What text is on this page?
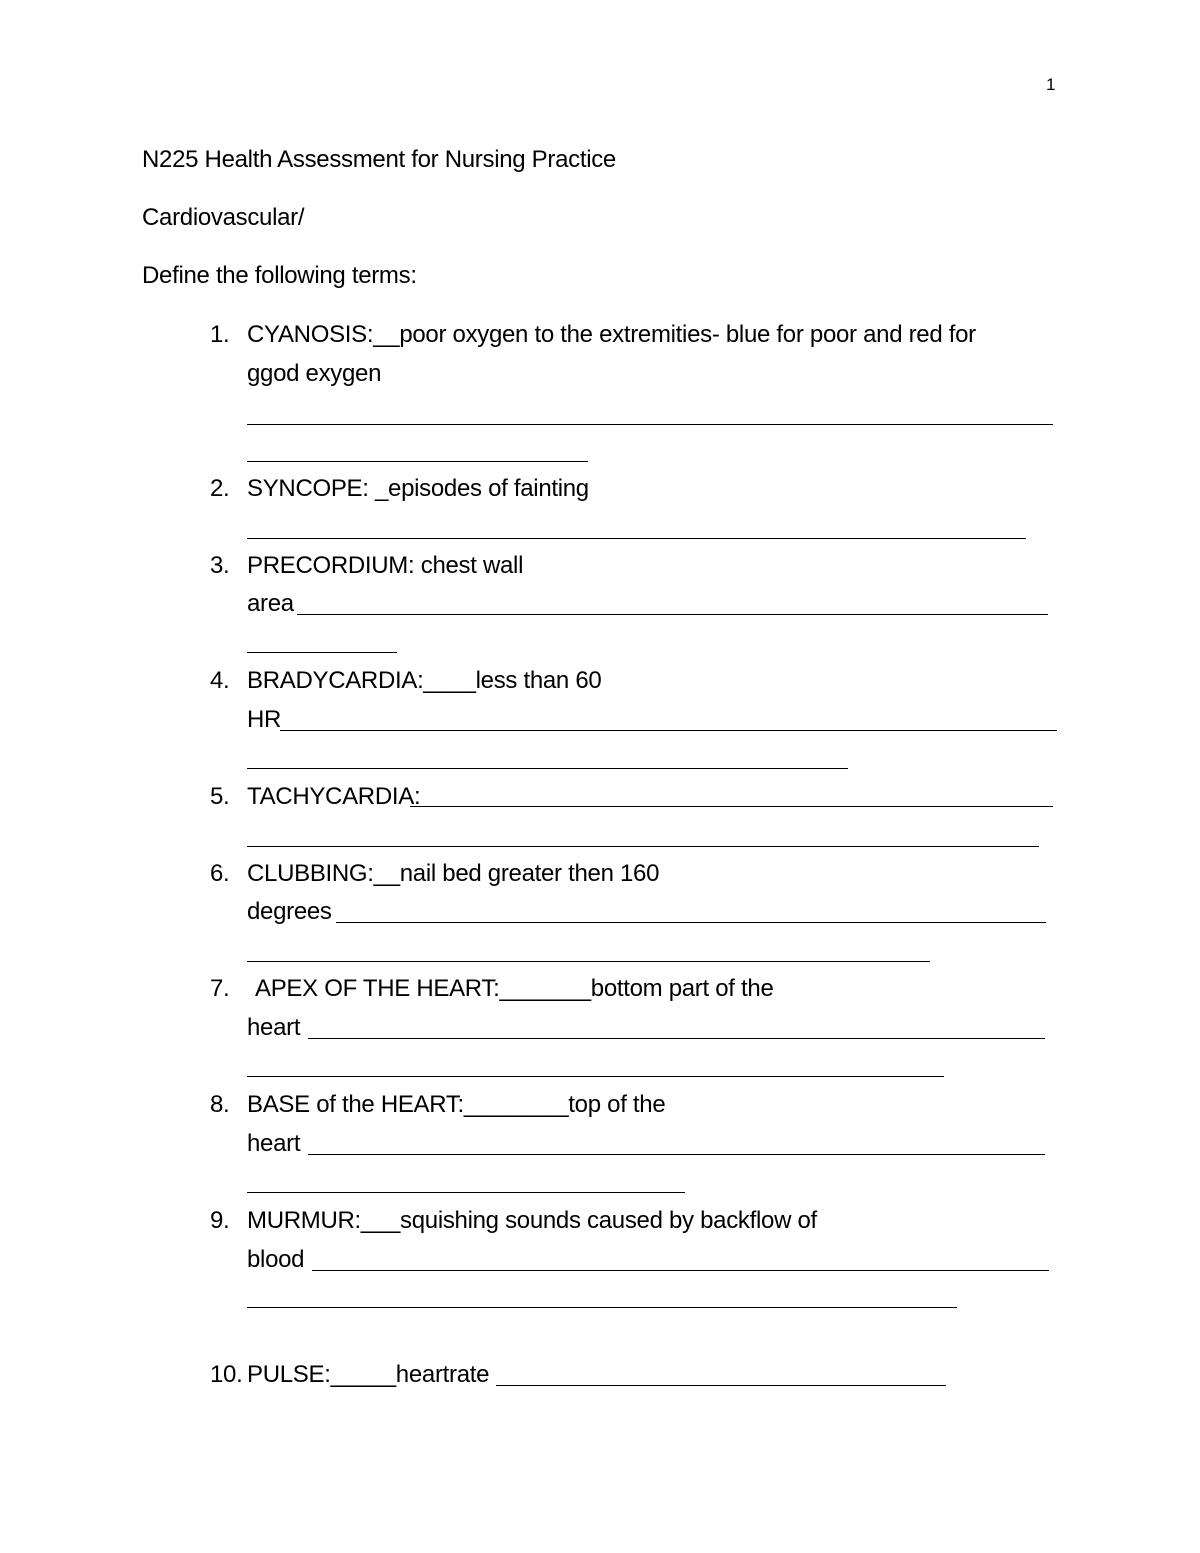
1
N225 Health Assessment for Nursing Practice
Cardiovascular/
Define the following terms:
1. CYANOSIS:__poor oxygen to the extremities- blue for poor and red for
ggod exygen
2. SYNCOPE: _episodes of fainting
3. PRECORDIUM: chest wall
area
4. BRADYCARDIA:____less than 60
HR
5. TACHYCARDIA:
6. CLUBBING:__nail bed greater then 160
degrees
7. APEX OF THE HEART:_______bottom part of the
heart
8. BASE of the HEART:________top of the
heart
9. MURMUR:___squishing sounds caused by backflow of
blood
10. PULSE:_____heartrate
